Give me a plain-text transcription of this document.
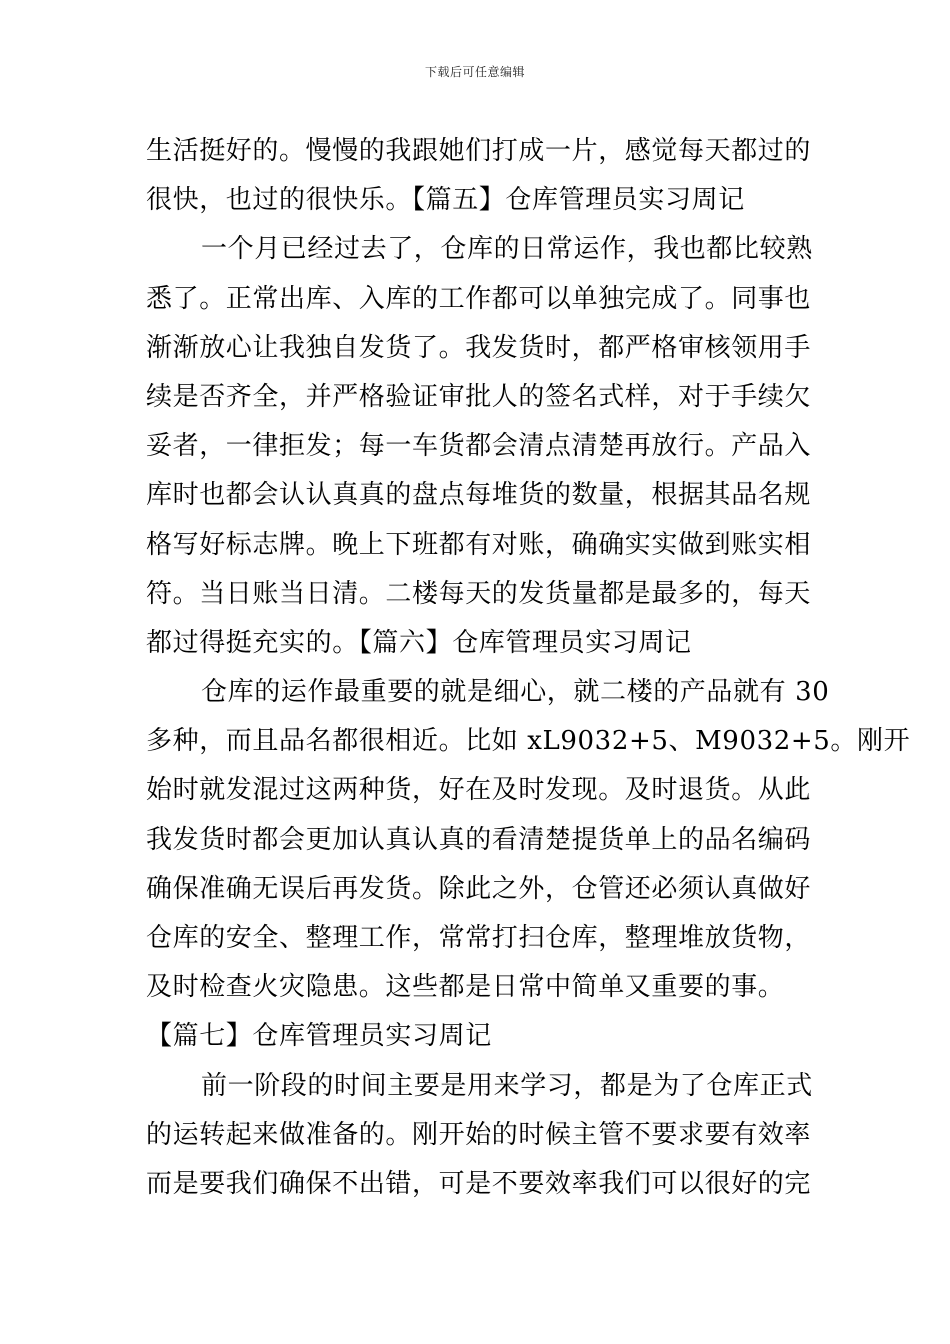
下载后可任意编辑
生活挺好的。慢慢的我跟她们打成一片，感觉每天都过的
很快，也过的很快乐。【篇五】仓库管理员实习周记
一个月已经过去了，仓库的日常运作，我也都比较熟
悉了。正常出库、入库的工作都可以单独完成了。同事也
渐渐放心让我独自发货了。我发货时，都严格审核领用手
续是否齐全，并严格验证审批人的签名式样，对于手续欠
妥者，一律拒发；每一车货都会清点清楚再放行。产品入
库时也都会认认真真的盘点每堆货的数量，根据其品名规
格写好标志牌。晚上下班都有对账，确确实实做到账实相
符。当日账当日清。二楼每天的发货量都是最多的，每天
都过得挺充实的。【篇六】仓库管理员实习周记
仓库的运作最重要的就是细心，就二楼的产品就有 30
多种，而且品名都很相近。比如 xL9032+5、M9032+5。刚开
始时就发混过这两种货，好在及时发现。及时退货。从此
我发货时都会更加认真认真的看清楚提货单上的品名编码
确保准确无误后再发货。除此之外，仓管还必须认真做好
仓库的安全、整理工作，常常打扫仓库，整理堆放货物，
及时检查火灾隐患。这些都是日常中简单又重要的事。
【篇七】仓库管理员实习周记
前一阶段的时间主要是用来学习，都是为了仓库正式
的运转起来做准备的。刚开始的时候主管不要求要有效率
而是要我们确保不出错，可是不要效率我们可以很好的完
